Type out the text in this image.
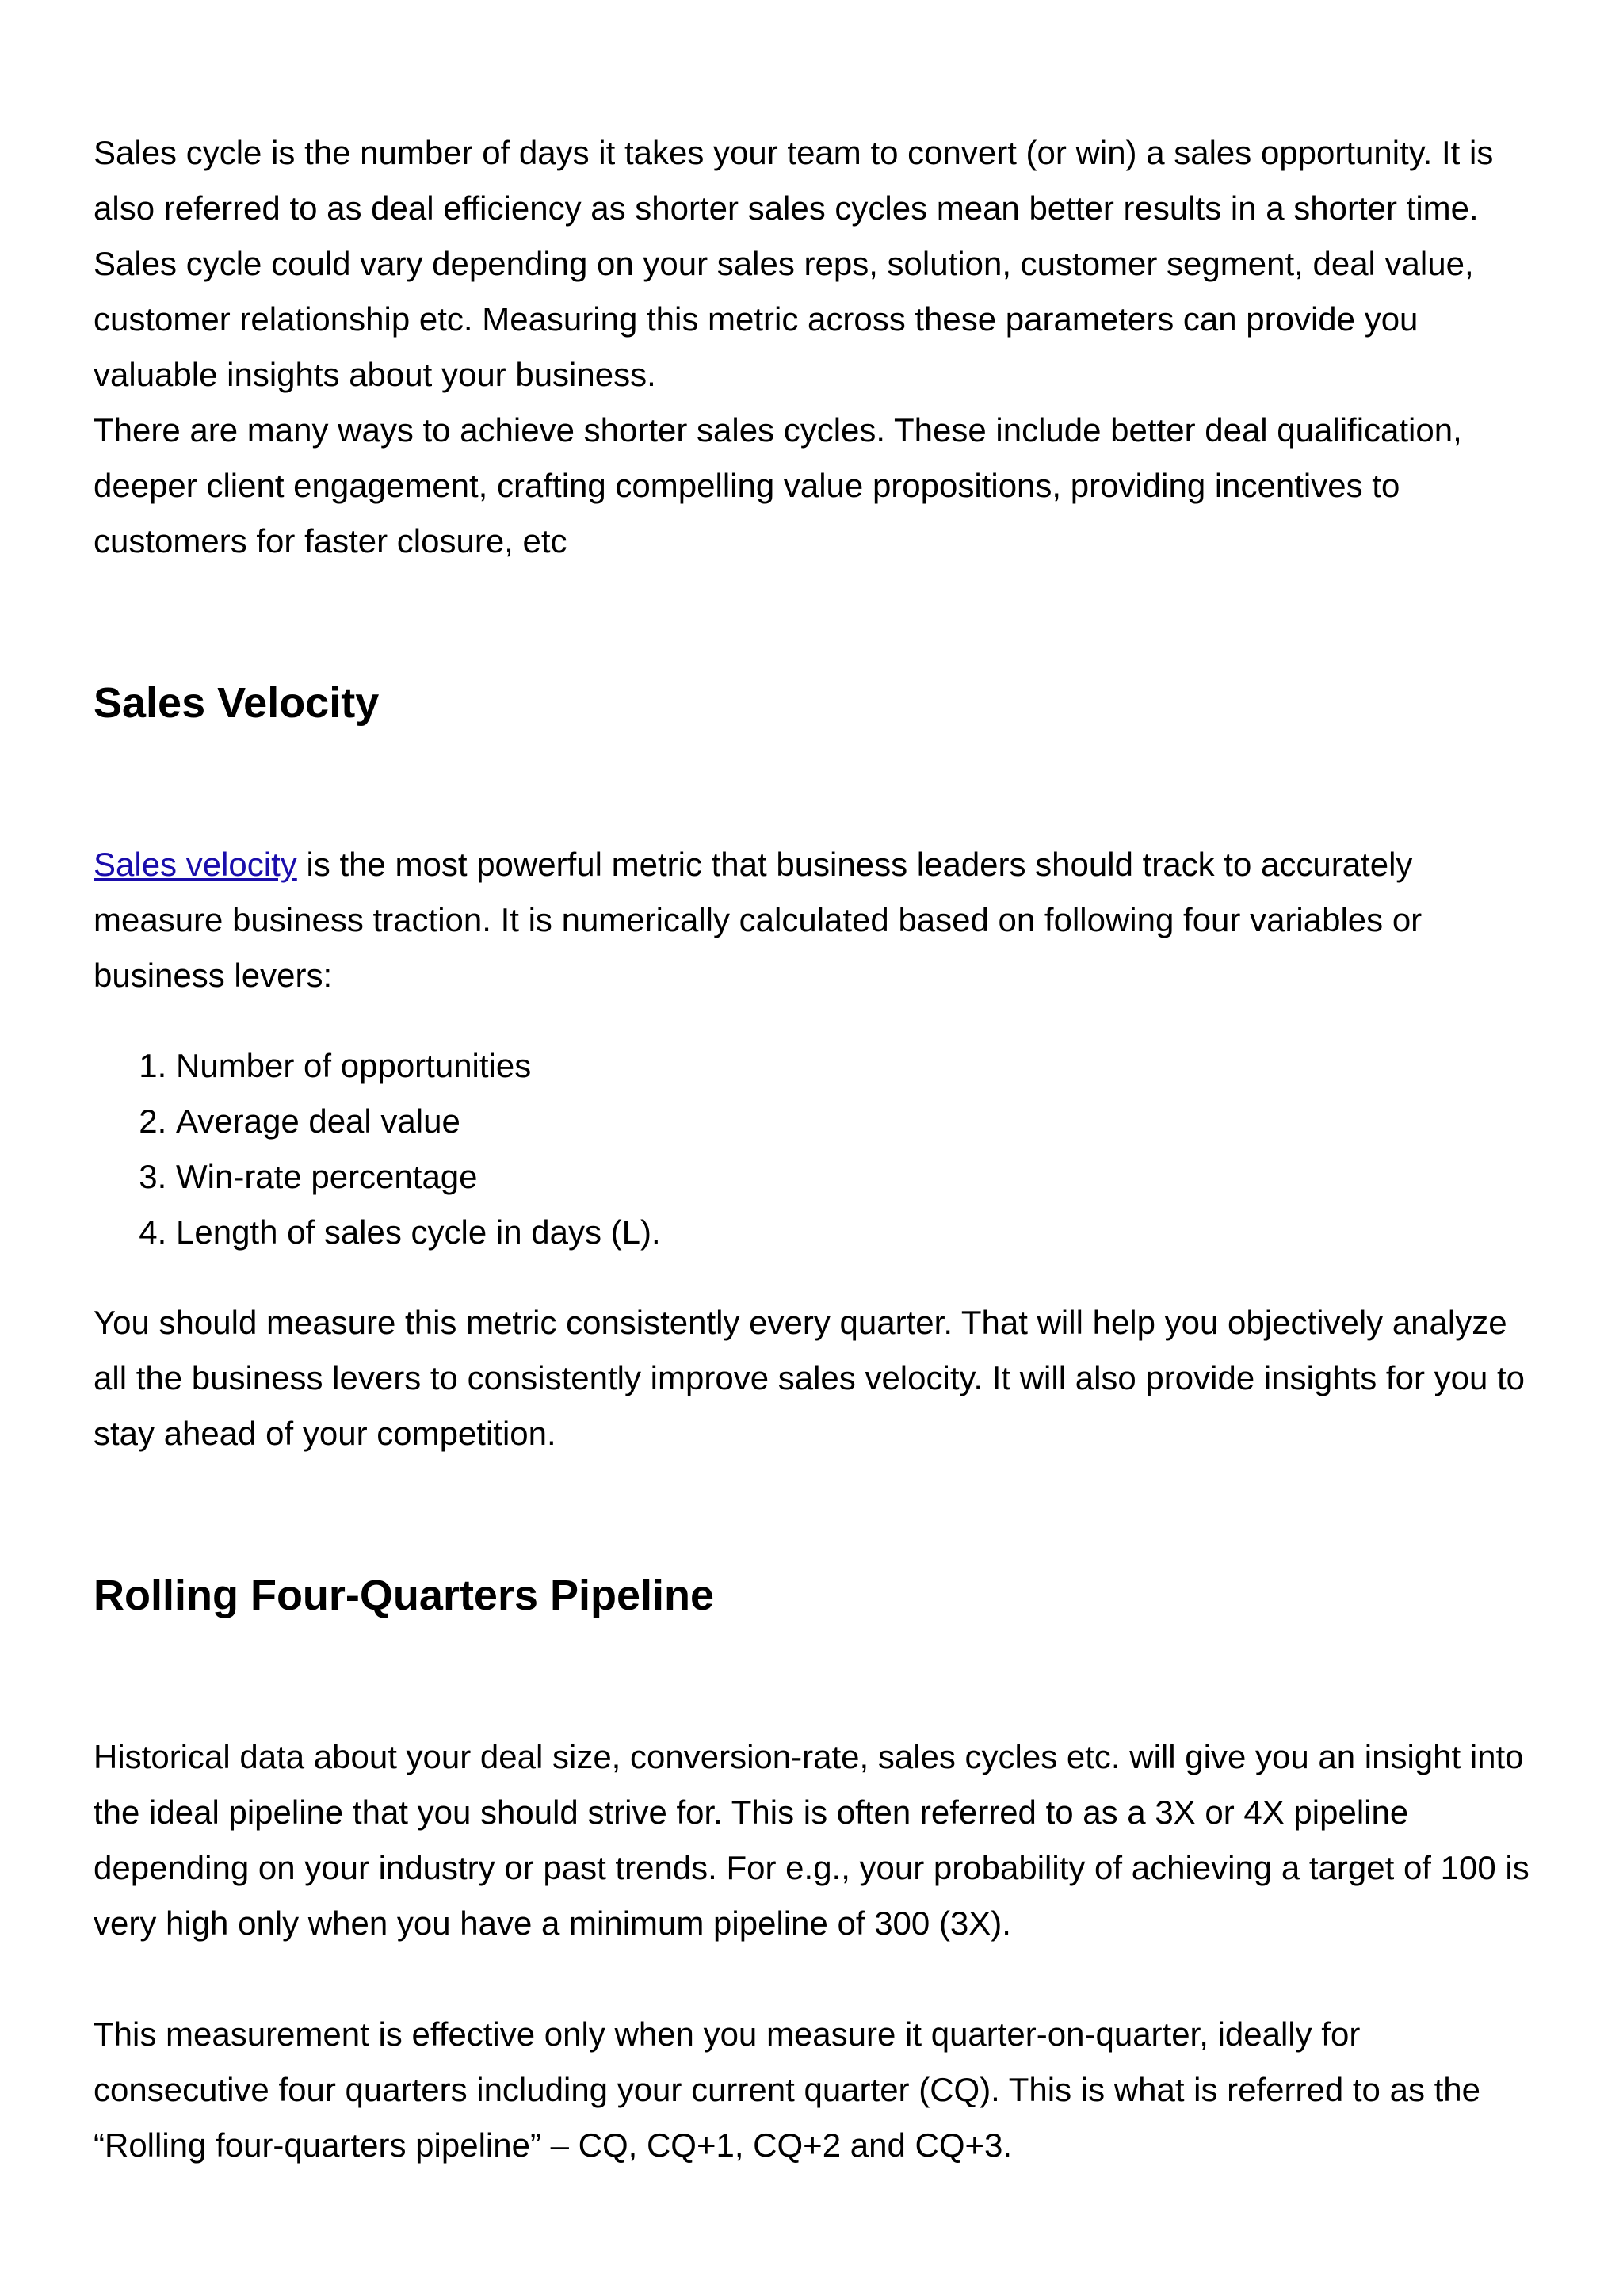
Sales cycle is the number of days it takes your team to convert (or win) a sales opportunity. It is also referred to as deal efficiency as shorter sales cycles mean better results in a shorter time.

Sales cycle could vary depending on your sales reps, solution, customer segment, deal value, customer relationship etc. Measuring this metric across these parameters can provide you valuable insights about your business.

There are many ways to achieve shorter sales cycles. These include better deal qualification, deeper client engagement, crafting compelling value propositions, providing incentives to customers for faster closure, etc

Sales Velocity

Sales velocity is the most powerful metric that business leaders should track to accurately measure business traction. It is numerically calculated based on following four variables or business levers:

1. Number of opportunities
2. Average deal value
3. Win-rate percentage
4. Length of sales cycle in days (L).

You should measure this metric consistently every quarter. That will help you objectively analyze all the business levers to consistently improve sales velocity. It will also provide insights for you to stay ahead of your competition.

Rolling Four-Quarters Pipeline

Historical data about your deal size, conversion-rate, sales cycles etc. will give you an insight into the ideal pipeline that you should strive for. This is often referred to as a 3X or 4X pipeline depending on your industry or past trends. For e.g., your probability of achieving a target of 100 is very high only when you have a minimum pipeline of 300 (3X).

This measurement is effective only when you measure it quarter-on-quarter, ideally for consecutive four quarters including your current quarter (CQ). This is what is referred to as the “Rolling four-quarters pipeline” – CQ, CQ+1, CQ+2 and CQ+3.
